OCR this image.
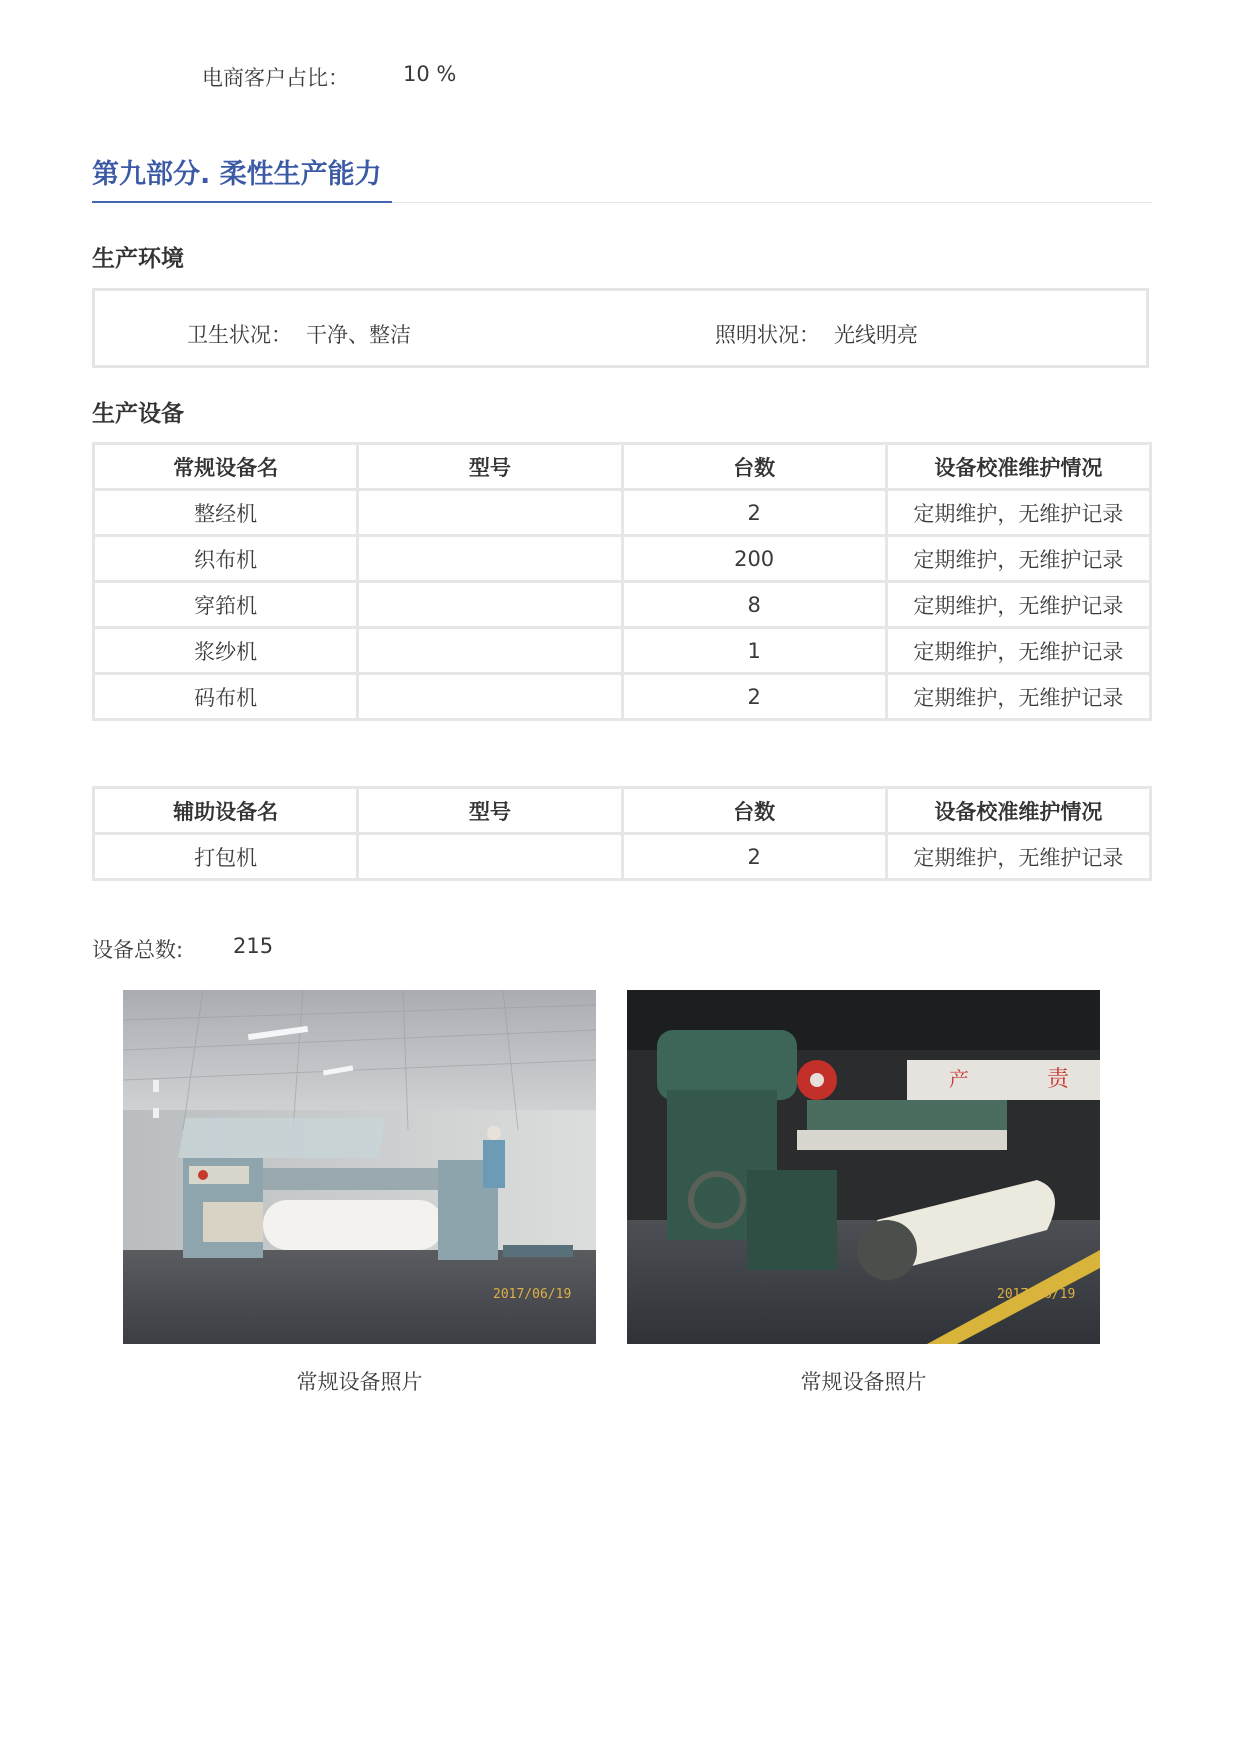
电商客户占比：	10 %
第九部分. 柔性生产能力
生产环境
卫生状况： 干净、整洁	照明状况： 光线明亮
生产设备
常规设备名	型号	台数	设备校准维护情况
整经机		2	定期维护，无维护记录
织布机		200	定期维护，无维护记录
穿筘机		8	定期维护，无维护记录
浆纱机		1	定期维护，无维护记录
码布机		2	定期维护，无维护记录
辅助设备名	型号	台数	设备校准维护情况
打包机		2	定期维护，无维护记录
设备总数: 215
2017/06/19
常规设备照片
产	责
2017/06/19
常规设备照片
